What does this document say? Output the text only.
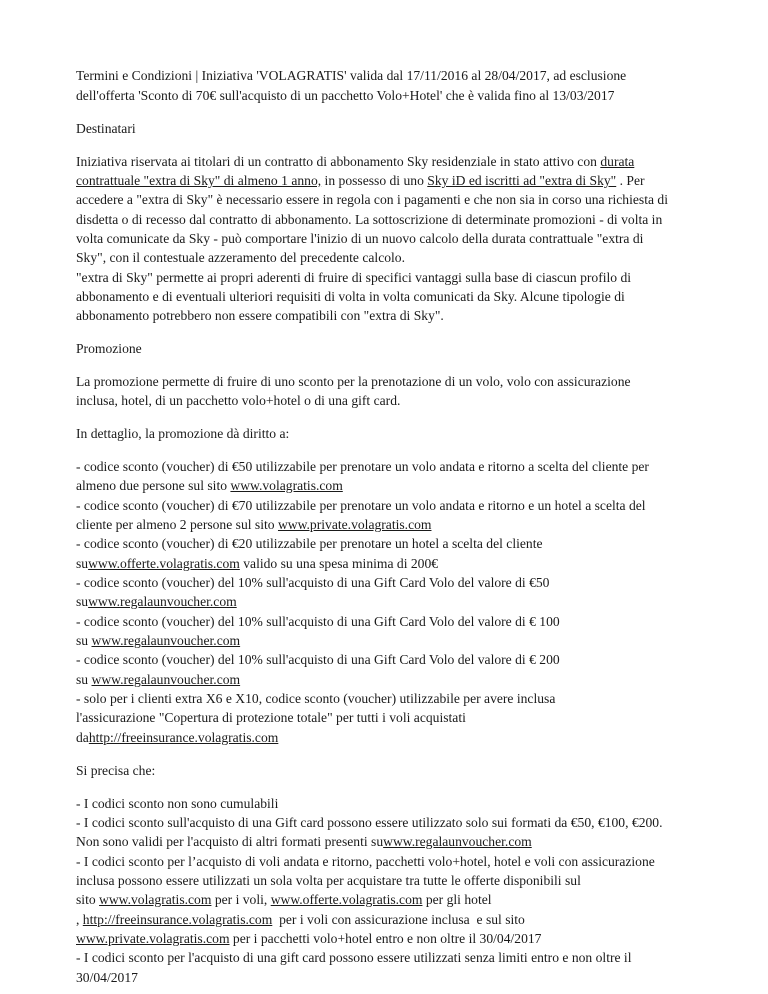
Termini e Condizioni | Iniziativa 'VOLAGRATIS' valida dal 17/11/2016 al 28/04/2017, ad esclusione
dell'offerta 'Sconto di 70€ sull'acquisto di un pacchetto Volo+Hotel' che è valida fino al 13/03/2017
Destinatari
Iniziativa riservata ai titolari di un contratto di abbonamento Sky residenziale in stato attivo con durata
contrattuale "extra di Sky" di almeno 1 anno, in possesso di uno Sky iD ed iscritti ad "extra di Sky" . Per
accedere a "extra di Sky" è necessario essere in regola con i pagamenti e che non sia in corso una richiesta di
disdetta o di recesso dal contratto di abbonamento. La sottoscrizione di determinate promozioni - di volta in
volta comunicate da Sky - può comportare l'inizio di un nuovo calcolo della durata contrattuale "extra di
Sky", con il contestuale azzeramento del precedente calcolo.
"extra di Sky" permette ai propri aderenti di fruire di specifici vantaggi sulla base di ciascun profilo di
abbonamento e di eventuali ulteriori requisiti di volta in volta comunicati da Sky. Alcune tipologie di
abbonamento potrebbero non essere compatibili con "extra di Sky".
Promozione
La promozione permette di fruire di uno sconto per la prenotazione di un volo, volo con assicurazione
inclusa, hotel, di un pacchetto volo+hotel o di una gift card.
In dettaglio, la promozione dà diritto a:
- codice sconto (voucher) di €50 utilizzabile per prenotare un volo andata e ritorno a scelta del cliente per
almeno due persone sul sito www.volagratis.com
- codice sconto (voucher) di €70 utilizzabile per prenotare un volo andata e ritorno e un hotel a scelta del
cliente per almeno 2 persone sul sito www.private.volagratis.com
- codice sconto (voucher) di €20 utilizzabile per prenotare un hotel a scelta del cliente
suwww.offerte.volagratis.com valido su una spesa minima di 200€
- codice sconto (voucher) del 10% sull'acquisto di una Gift Card Volo del valore di €50
suwww.regalaunvoucher.com
- codice sconto (voucher) del 10% sull'acquisto di una Gift Card Volo del valore di € 100
su www.regalaunvoucher.com
- codice sconto (voucher) del 10% sull'acquisto di una Gift Card Volo del valore di € 200
su www.regalaunvoucher.com
- solo per i clienti extra X6 e X10, codice sconto (voucher) utilizzabile per avere inclusa
l'assicurazione "Copertura di protezione totale" per tutti i voli acquistati
dahttp://freeinsurance.volagratis.com
Si precisa che:
- I codici sconto non sono cumulabili
- I codici sconto sull'acquisto di una Gift card possono essere utilizzato solo sui formati da €50, €100, €200.
Non sono validi per l'acquisto di altri formati presenti suwww.regalaunvoucher.com
- I codici sconto per l’acquisto di voli andata e ritorno, pacchetti volo+hotel, hotel e voli con assicurazione
inclusa possono essere utilizzati un sola volta per acquistare tra tutte le offerte disponibili sul
sito www.volagratis.com per i voli, www.offerte.volagratis.com per gli hotel
, http://freeinsurance.volagratis.com  per i voli con assicurazione inclusa  e sul sito
www.private.volagratis.com per i pacchetti volo+hotel entro e non oltre il 30/04/2017
- I codici sconto per l'acquisto di una gift card possono essere utilizzati senza limiti entro e non oltre il
30/04/2017
